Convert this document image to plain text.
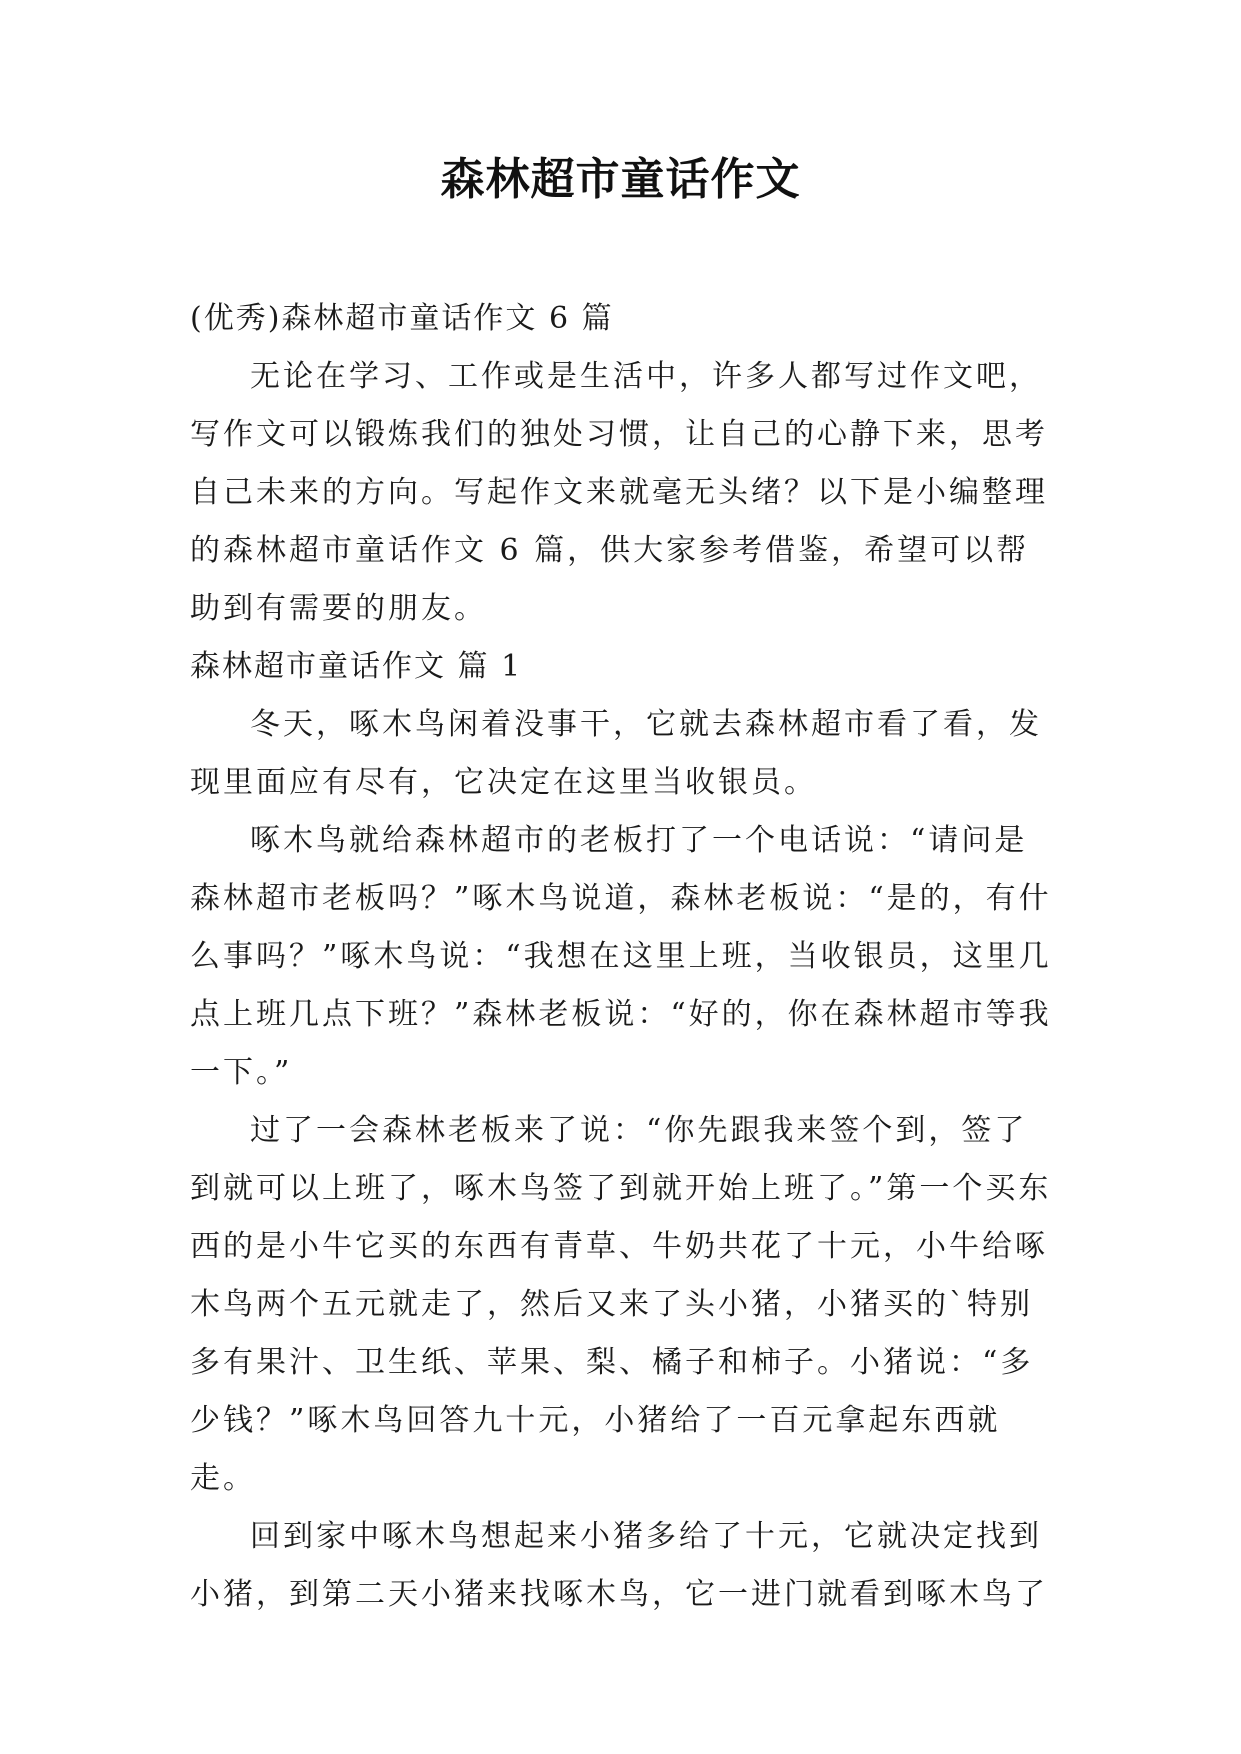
森林超市童话作文

(优秀)森林超市童话作文 6 篇

无论在学习、工作或是生活中，许多人都写过作文吧，写作文可以锻炼我们的独处习惯，让自己的心静下来，思考自己未来的方向。写起作文来就毫无头绪？以下是小编整理的森林超市童话作文 6 篇，供大家参考借鉴，希望可以帮助到有需要的朋友。

森林超市童话作文 篇 1

冬天，啄木鸟闲着没事干，它就去森林超市看了看，发现里面应有尽有，它决定在这里当收银员。

啄木鸟就给森林超市的老板打了一个电话说：“请问是森林超市老板吗？”啄木鸟说道，森林老板说：“是的，有什么事吗？”啄木鸟说：“我想在这里上班，当收银员，这里几点上班几点下班？”森林老板说：“好的，你在森林超市等我一下。”

过了一会森林老板来了说：“你先跟我来签个到，签了到就可以上班了，啄木鸟签了到就开始上班了。”第一个买东西的是小牛它买的东西有青草、牛奶共花了十元，小牛给啄木鸟两个五元就走了，然后又来了头小猪，小猪买的`特别多有果汁、卫生纸、苹果、梨、橘子和柿子。小猪说：“多少钱？”啄木鸟回答九十元，小猪给了一百元拿起东西就走。

回到家中啄木鸟想起来小猪多给了十元，它就决定找到小猪，到第二天小猪来找啄木鸟，它一进门就看到啄木鸟了
